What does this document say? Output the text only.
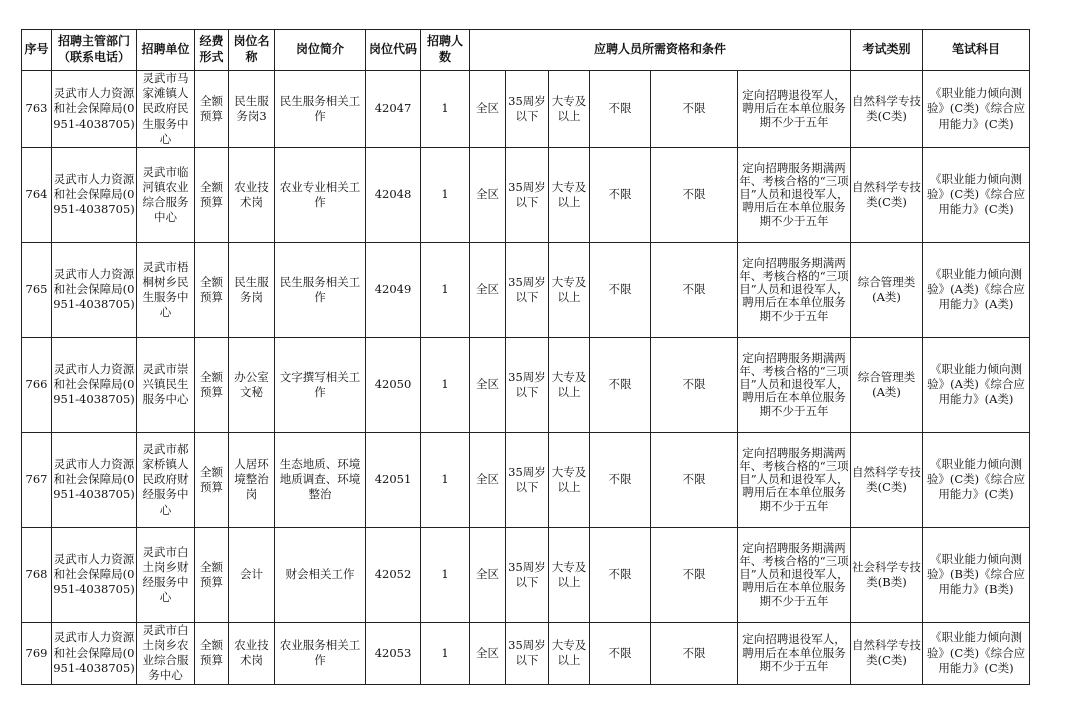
序号	招聘主管部门（联系电话）	招聘单位	经费形式	岗位名称	岗位简介	岗位代码	招聘人数	应聘人员所需资格和条件						考试类别	笔试科目
763	灵武市人力资源和社会保障局(0951-4038705)	灵武市马家滩镇人民政府民生服务中心	全额预算	民生服务岗3	民生服务相关工作	42047	1	全区	35周岁以下	大专及以上	不限	不限	定向招聘退役军人，聘用后在本单位服务期不少于五年	自然科学专技类(C类)	《职业能力倾向测验》(C类)《综合应用能力》(C类)
764	灵武市人力资源和社会保障局(0951-4038705)	灵武市临河镇农业综合服务中心	全额预算	农业技术岗	农业专业相关工作	42048	1	全区	35周岁以下	大专及以上	不限	不限	定向招聘服务期满两年、考核合格的“三项目”人员和退役军人，聘用后在本单位服务期不少于五年	自然科学专技类(C类)	《职业能力倾向测验》(C类)《综合应用能力》(C类)
765	灵武市人力资源和社会保障局(0951-4038705)	灵武市梧桐树乡民生服务中心	全额预算	民生服务岗	民生服务相关工作	42049	1	全区	35周岁以下	大专及以上	不限	不限	定向招聘服务期满两年、考核合格的“三项目”人员和退役军人，聘用后在本单位服务期不少于五年	综合管理类(A类)	《职业能力倾向测验》(A类)《综合应用能力》(A类)
766	灵武市人力资源和社会保障局(0951-4038705)	灵武市崇兴镇民生服务中心	全额预算	办公室文秘	文字撰写相关工作	42050	1	全区	35周岁以下	大专及以上	不限	不限	定向招聘服务期满两年、考核合格的“三项目”人员和退役军人，聘用后在本单位服务期不少于五年	综合管理类(A类)	《职业能力倾向测验》(A类)《综合应用能力》(A类)
767	灵武市人力资源和社会保障局(0951-4038705)	灵武市郝家桥镇人民政府财经服务中心	全额预算	人居环境整治岗	生态地质、环境地质调查、环境整治	42051	1	全区	35周岁以下	大专及以上	不限	不限	定向招聘服务期满两年、考核合格的“三项目”人员和退役军人，聘用后在本单位服务期不少于五年	自然科学专技类(C类)	《职业能力倾向测验》(C类)《综合应用能力》(C类)
768	灵武市人力资源和社会保障局(0951-4038705)	灵武市白土岗乡财经服务中心	全额预算	会计	财会相关工作	42052	1	全区	35周岁以下	大专及以上	不限	不限	定向招聘服务期满两年、考核合格的“三项目”人员和退役军人，聘用后在本单位服务期不少于五年	社会科学专技类(B类)	《职业能力倾向测验》(B类)《综合应用能力》(B类)
769	灵武市人力资源和社会保障局(0951-4038705)	灵武市白土岗乡农业综合服务中心	全额预算	农业技术岗	农业服务相关工作	42053	1	全区	35周岁以下	大专及以上	不限	不限	定向招聘退役军人，聘用后在本单位服务期不少于五年	自然科学专技类(C类)	《职业能力倾向测验》(C类)《综合应用能力》(C类)
